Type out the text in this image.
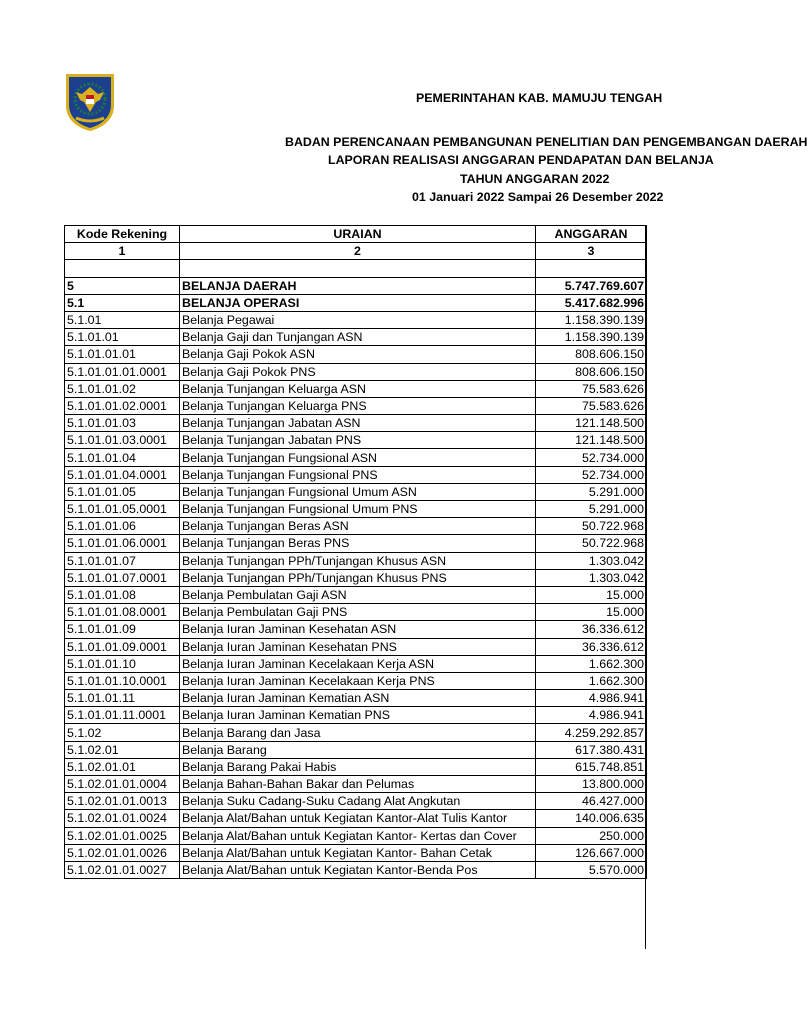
PEMERINTAHAN KAB. MAMUJU TENGAH
BADAN PERENCANAAN PEMBANGUNAN PENELITIAN DAN PENGEMBANGAN DAERAH
LAPORAN REALISASI ANGGARAN PENDAPATAN DAN BELANJA
TAHUN ANGGARAN 2022
01 Januari 2022 Sampai 26 Desember 2022
Kode Rekening	URAIAN	ANGGARAN
1	2	3

5	BELANJA DAERAH	5.747.769.607
5.1	BELANJA OPERASI	5.417.682.996
5.1.01	Belanja Pegawai	1.158.390.139
5.1.01.01	Belanja Gaji dan Tunjangan ASN	1.158.390.139
5.1.01.01.01	Belanja Gaji Pokok ASN	808.606.150
5.1.01.01.01.0001	Belanja Gaji Pokok PNS	808.606.150
5.1.01.01.02	Belanja Tunjangan Keluarga ASN	75.583.626
5.1.01.01.02.0001	Belanja Tunjangan Keluarga PNS	75.583.626
5.1.01.01.03	Belanja Tunjangan Jabatan ASN	121.148.500
5.1.01.01.03.0001	Belanja Tunjangan Jabatan PNS	121.148.500
5.1.01.01.04	Belanja Tunjangan Fungsional ASN	52.734.000
5.1.01.01.04.0001	Belanja Tunjangan Fungsional PNS	52.734.000
5.1.01.01.05	Belanja Tunjangan Fungsional Umum ASN	5.291.000
5.1.01.01.05.0001	Belanja Tunjangan Fungsional Umum PNS	5.291.000
5.1.01.01.06	Belanja Tunjangan Beras ASN	50.722.968
5.1.01.01.06.0001	Belanja Tunjangan Beras PNS	50.722.968
5.1.01.01.07	Belanja Tunjangan PPh/Tunjangan Khusus ASN	1.303.042
5.1.01.01.07.0001	Belanja Tunjangan PPh/Tunjangan Khusus PNS	1.303.042
5.1.01.01.08	Belanja Pembulatan Gaji ASN	15.000
5.1.01.01.08.0001	Belanja Pembulatan Gaji PNS	15.000
5.1.01.01.09	Belanja Iuran Jaminan Kesehatan ASN	36.336.612
5.1.01.01.09.0001	Belanja Iuran Jaminan Kesehatan PNS	36.336.612
5.1.01.01.10	Belanja Iuran Jaminan Kecelakaan Kerja ASN	1.662.300
5.1.01.01.10.0001	Belanja Iuran Jaminan Kecelakaan Kerja PNS	1.662.300
5.1.01.01.11	Belanja Iuran Jaminan Kematian ASN	4.986.941
5.1.01.01.11.0001	Belanja Iuran Jaminan Kematian PNS	4.986.941
5.1.02	Belanja Barang dan Jasa	4.259.292.857
5.1.02.01	Belanja Barang	617.380.431
5.1.02.01.01	Belanja Barang Pakai Habis	615.748.851
5.1.02.01.01.0004	Belanja Bahan-Bahan Bakar dan Pelumas	13.800.000
5.1.02.01.01.0013	Belanja Suku Cadang-Suku Cadang Alat Angkutan	46.427.000
5.1.02.01.01.0024	Belanja Alat/Bahan untuk Kegiatan Kantor-Alat Tulis Kantor	140.006.635
5.1.02.01.01.0025	Belanja Alat/Bahan untuk Kegiatan Kantor- Kertas dan Cover	250.000
5.1.02.01.01.0026	Belanja Alat/Bahan untuk Kegiatan Kantor- Bahan Cetak	126.667.000
5.1.02.01.01.0027	Belanja Alat/Bahan untuk Kegiatan Kantor-Benda Pos	5.570.000
